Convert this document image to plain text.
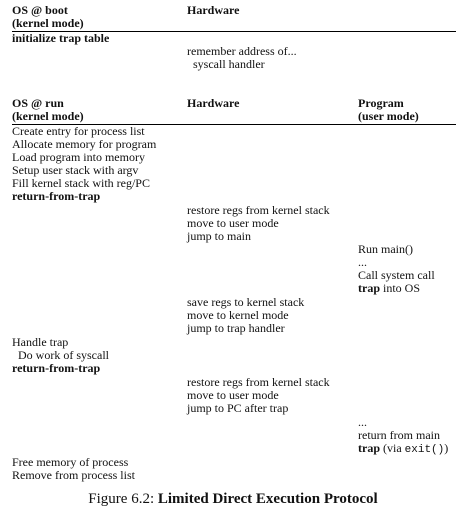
OS @ boot
(kernel mode)
Hardware
initialize trap table
remember address of...
syscall handler
OS @ run
(kernel mode)
Hardware	Program
(user mode)
Create entry for process list
Allocate memory for program
Load program into memory
Setup user stack with argv
Fill kernel stack with reg/PC
return-from-trap
restore regs from kernel stack
move to user mode
jump to main
Run main()
...
Call system call
trap into OS
save regs to kernel stack
move to kernel mode
jump to trap handler
Handle trap
Do work of syscall
return-from-trap
restore regs from kernel stack
move to user mode
jump to PC after trap
...
return from main
trap (via exit())
Free memory of process
Remove from process list
Figure 6.2: Limited Direct Execution Protocol
